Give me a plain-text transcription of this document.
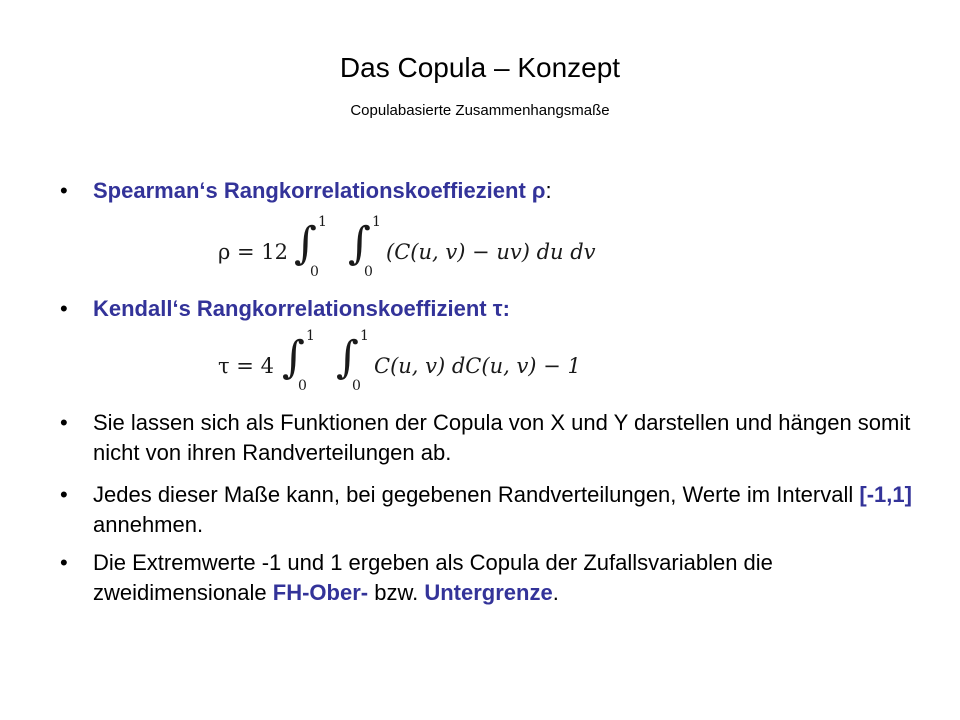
Das Copula – Konzept
Copulabasierte Zusammenhangsmaße
•	Spearman‘s Rangkorrelationskoeffiezient ρ:
ρ = 12 ∫ 1
0
∫ 1
0
(C(u, v) − uv) du dv
•	Kendall‘s Rangkorrelationskoeffizient τ:
τ = 4 ∫ 1
0
∫ 1
0
C(u, v) dC(u, v) − 1
•	Sie lassen sich als Funktionen der Copula von X und Y darstellen und hängen somit nicht von ihren Randverteilungen ab.
•	Jedes dieser Maße kann, bei gegebenen Randverteilungen, Werte im Intervall [-1,1] annehmen.
•	Die Extremwerte -1 und 1 ergeben als Copula der Zufallsvariablen die zweidimensionale FH-Ober- bzw. Untergrenze.
